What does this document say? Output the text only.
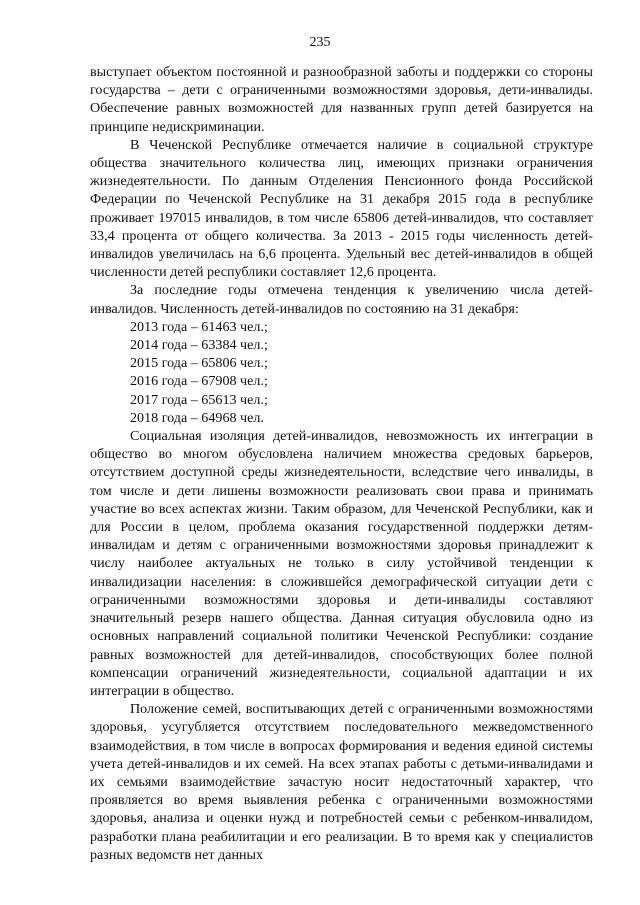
235

выступает объектом постоянной и разнообразной заботы и поддержки со стороны государства – дети с ограниченными возможностями здоровья, дети-инвалиды. Обеспечение равных возможностей для названных групп детей базируется на принципе недискриминации.

В Чеченской Республике отмечается наличие в социальной структуре общества значительного количества лиц, имеющих признаки ограничения жизнедеятельности. По данным Отделения Пенсионного фонда Российской Федерации по Чеченской Республике на 31 декабря 2015 года в республике проживает 197015 инвалидов, в том числе 65806 детей-инвалидов, что составляет 33,4 процента от общего количества. За 2013 - 2015 годы численность детей-инвалидов увеличилась на 6,6 процента. Удельный вес детей-инвалидов в общей численности детей республики составляет 12,6 процента.

За последние годы отмечена тенденция к увеличению числа детей-инвалидов. Численность детей-инвалидов по состоянию на 31 декабря:

2013 года – 61463 чел.;
2014 года – 63384 чел.;
2015 года – 65806 чел.;
2016 года – 67908 чел.;
2017 года – 65613 чел.;
2018 года – 64968 чел.

Социальная изоляция детей-инвалидов, невозможность их интеграции в общество во многом обусловлена наличием множества средовых барьеров, отсутствием доступной среды жизнедеятельности, вследствие чего инвалиды, в том числе и дети лишены возможности реализовать свои права и принимать участие во всех аспектах жизни. Таким образом, для Чеченской Республики, как и для России в целом, проблема оказания государственной поддержки детям-инвалидам и детям с ограниченными возможностями здоровья принадлежит к числу наиболее актуальных не только в силу устойчивой тенденции к инвалидизации населения: в сложившейся демографической ситуации дети с ограниченными возможностями здоровья и дети-инвалиды составляют значительный резерв нашего общества. Данная ситуация обусловила одно из основных направлений социальной политики Чеченской Республики: создание равных возможностей для детей-инвалидов, способствующих более полной компенсации ограничений жизнедеятельности, социальной адаптации и их интеграции в общество.

Положение семей, воспитывающих детей с ограниченными возможностями здоровья, усугубляется отсутствием последовательного межведомственного взаимодействия, в том числе в вопросах формирования и ведения единой системы учета детей-инвалидов и их семей. На всех этапах работы с детьми-инвалидами и их семьями взаимодействие зачастую носит недостаточный характер, что проявляется во время выявления ребенка с ограниченными возможностями здоровья, анализа и оценки нужд и потребностей семьи с ребенком-инвалидом, разработки плана реабилитации и его реализации. В то время как у специалистов разных ведомств нет данных
